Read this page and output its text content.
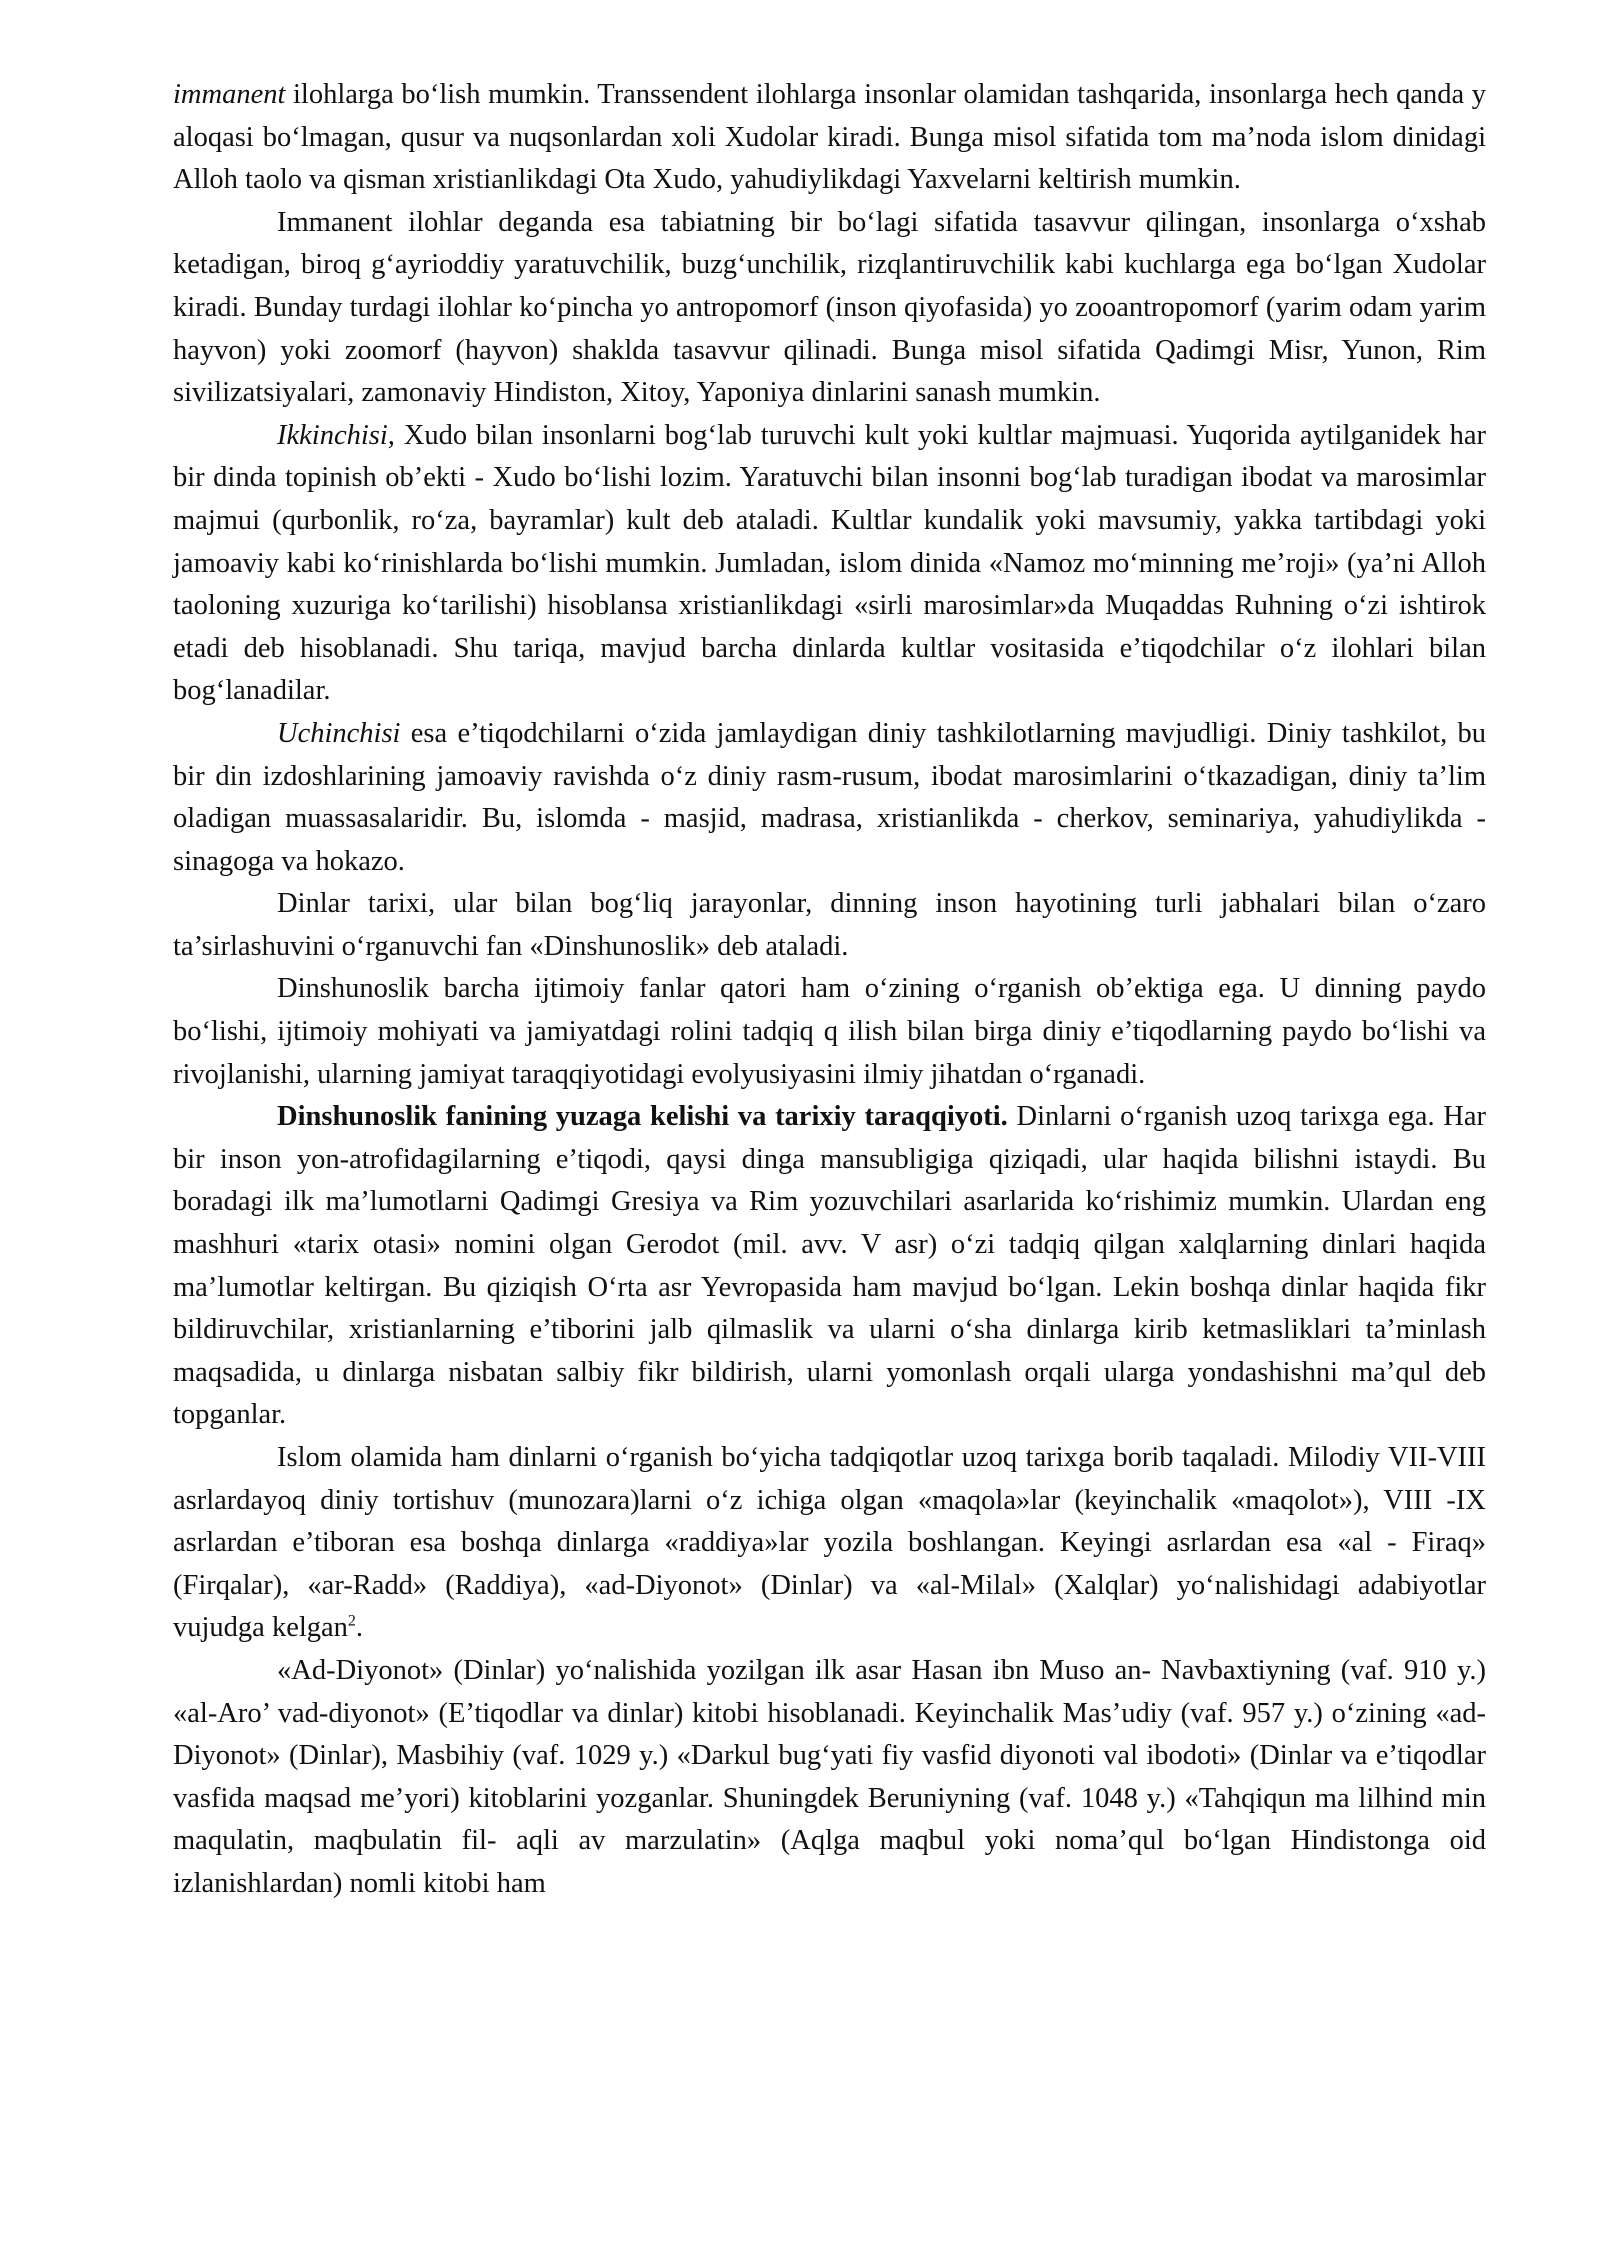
immanent ilohlarga bo‘lish mumkin. Transsendent ilohlarga insonlar olamidan tashqarida, insonlarga hech qanda y aloqasi bo‘lmagan, qusur va nuqsonlardan xoli Xudolar kiradi. Bunga misol sifatida tom ma’noda islom dinidagi Alloh taolo va qisman xristianlikdagi Ota Xudo, yahudiylikdagi Yaxvelarni keltirish mumkin.

Immanent ilohlar deganda esa tabiatning bir bo‘lagi sifatida tasavvur qilingan, insonlarga o‘xshab ketadigan, biroq g‘ayrioddiy yaratuvchilik, buzg‘unchilik, rizqlantiruvchilik kabi kuchlarga ega bo‘lgan Xudolar kiradi. Bunday turdagi ilohlar ko‘pincha yo antropomorf (inson qiyofasida) yo zooantropomorf (yarim odam yarim hayvon) yoki zoomorf (hayvon) shaklda tasavvur qilinadi. Bunga misol sifatida Qadimgi Misr, Yunon, Rim sivilizatsiyalari, zamonaviy Hindiston, Xitoy, Yaponiya dinlarini sanash mumkin.

Ikkinchisi, Xudo bilan insonlarni bog‘lab turuvchi kult yoki kultlar majmuasi. Yuqorida aytilganidek har bir dinda topinish ob’ekti - Xudo bo‘lishi lozim. Yaratuvchi bilan insonni bog‘lab turadigan ibodat va marosimlar majmui (qurbonlik, ro‘za, bayramlar) kult deb ataladi. Kultlar kundalik yoki mavsumiy, yakka tartibdagi yoki jamoaviy kabi ko‘rinishlarda bo‘lishi mumkin. Jumladan, islom dinida «Namoz mo‘minning me’roji» (ya’ni Alloh taoloning xuzuriga ko‘tarilishi) hisoblansa xristianlikdagi «sirli marosimlar»da Muqaddas Ruhning o‘zi ishtirok etadi deb hisoblanadi. Shu tariqa, mavjud barcha dinlarda kultlar vositasida e’tiqodchilar o‘z ilohlari bilan bog‘lanadilar.

Uchinchisi esa e’tiqodchilarni o‘zida jamlaydigan diniy tashkilotlarning mavjudligi. Diniy tashkilot, bu bir din izdoshlarining jamoaviy ravishda o‘z diniy rasm-rusum, ibodat marosimlarini o‘tkazadigan, diniy ta’lim oladigan muassasalaridir. Bu, islomda - masjid, madrasa, xristianlikda - cherkov, seminariya, yahudiylikda - sinagoga va hokazo.

Dinlar tarixi, ular bilan bog‘liq jarayonlar, dinning inson hayotining turli jabhalari bilan o‘zaro ta’sirlashuvini o‘rganuvchi fan «Dinshunoslik» deb ataladi.

Dinshunoslik barcha ijtimoiy fanlar qatori ham o‘zining o‘rganish ob’ektiga ega. U dinning paydo bo‘lishi, ijtimoiy mohiyati va jamiyatdagi rolini tadqiq q ilish bilan birga diniy e’tiqodlarning paydo bo‘lishi va rivojlanishi, ularning jamiyat taraqqiyotidagi evolyusiyasini ilmiy jihatdan o‘rganadi.

Dinshunoslik fanining yuzaga kelishi va tarixiy taraqqiyoti. Dinlarni o‘rganish uzoq tarixga ega. Har bir inson yon-atrofidagilarning e’tiqodi, qaysi dinga mansubligiga qiziqadi, ular haqida bilishni istaydi. Bu boradagi ilk ma’lumotlarni Qadimgi Gresiya va Rim yozuvchilari asarlarida ko‘rishimiz mumkin. Ulardan eng mashhuri «tarix otasi» nomini olgan Gerodot (mil. avv. V asr) o‘zi tadqiq qilgan xalqlarning dinlari haqida ma’lumotlar keltirgan. Bu qiziqish O‘rta asr Yevropasida ham mavjud bo‘lgan. Lekin boshqa dinlar haqida fikr bildiruvchilar, xristianlarning e’tiborini jalb qilmaslik va ularni o‘sha dinlarga kirib ketmasliklari ta’minlash maqsadida, u dinlarga nisbatan salbiy fikr bildirish, ularni yomonlash orqali ularga yondashishni ma’qul deb topganlar.

Islom olamida ham dinlarni o‘rganish bo‘yicha tadqiqotlar uzoq tarixga borib taqaladi. Milodiy VII-VIII asrlardayoq diniy tortishuv (munozara)larni o‘z ichiga olgan «maqola»lar (keyinchalik «maqolot»), VIII -IX asrlardan e’tiboran esa boshqa dinlarga «raddiya»lar yozila boshlangan. Keyingi asrlardan esa «al - Firaq» (Firqalar), «ar-Radd» (Raddiya), «ad-Diyonot» (Dinlar) va «al-Milal» (Xalqlar) yo‘nalishidagi adabiyotlar vujudga kelgan$^2$.

«Ad-Diyonot» (Dinlar) yo‘nalishida yozilgan ilk asar Hasan ibn Muso an- Navbaxtiyning (vaf. 910 y.) «al-Aro’ vad-diyonot» (E’tiqodlar va dinlar) kitobi hisoblanadi. Keyinchalik Mas’udiy (vaf. 957 y.) o‘zining «ad-Diyonot» (Dinlar), Masbihiy (vaf. 1029 y.) «Darkul bug‘yati fiy vasfid diyonoti val ibodoti» (Dinlar va e’tiqodlar vasfida maqsad me’yori) kitoblarini yozganlar. Shuningdek Beruniyning (vaf. 1048 y.) «Tahqiqun ma lilhind min maqulatin, maqbulatin fil- aqli av marzulatin» (Aqlga maqbul yoki noma’qul bo‘lgan Hindistonga oid izlanishlardan) nomli kitobi ham
